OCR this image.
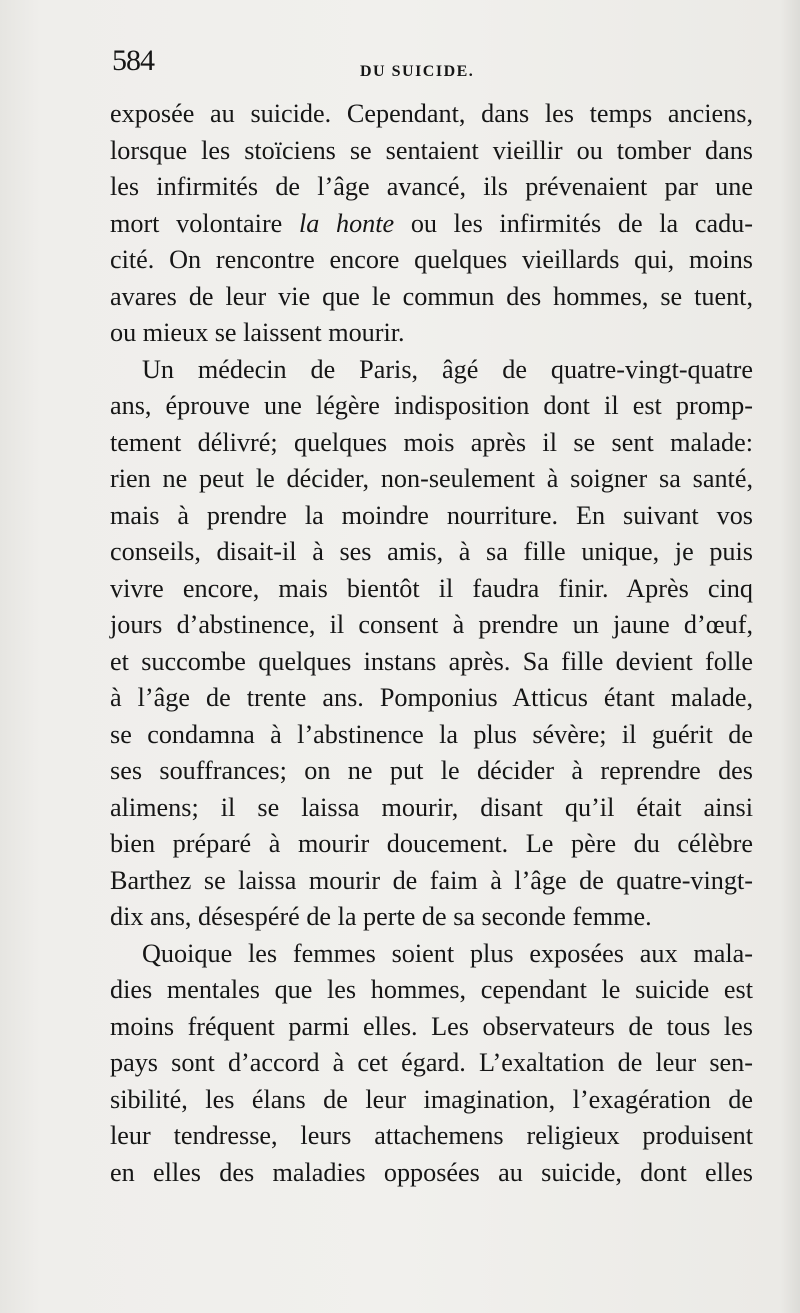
584	DU SUICIDE.
exposée au suicide. Cependant, dans les temps anciens,
lorsque les stoïciens se sentaient vieillir ou tomber dans
les infirmités de l’âge avancé, ils prévenaient par une
mort volontaire la honte ou les infirmités de la cadu-
cité. On rencontre encore quelques vieillards qui, moins
avares de leur vie que le commun des hommes, se tuent,
ou mieux se laissent mourir.
Un médecin de Paris, âgé de quatre-vingt-quatre
ans, éprouve une légère indisposition dont il est promp-
tement délivré; quelques mois après il se sent malade:
rien ne peut le décider, non-seulement à soigner sa santé,
mais à prendre la moindre nourriture. En suivant vos
conseils, disait-il à ses amis, à sa fille unique, je puis
vivre encore, mais bientôt il faudra finir. Après cinq
jours d’abstinence, il consent à prendre un jaune d’œuf,
et succombe quelques instans après. Sa fille devient folle
à l’âge de trente ans. Pomponius Atticus étant malade,
se condamna à l’abstinence la plus sévère; il guérit de
ses souffrances; on ne put le décider à reprendre des
alimens; il se laissa mourir, disant qu’il était ainsi
bien préparé à mourir doucement. Le père du célèbre
Barthez se laissa mourir de faim à l’âge de quatre-vingt-
dix ans, désespéré de la perte de sa seconde femme.
Quoique les femmes soient plus exposées aux mala-
dies mentales que les hommes, cependant le suicide est
moins fréquent parmi elles. Les observateurs de tous les
pays sont d’accord à cet égard. L’exaltation de leur sen-
sibilité, les élans de leur imagination, l’exagération de
leur tendresse, leurs attachemens religieux produisent
en elles des maladies opposées au suicide, dont elles
